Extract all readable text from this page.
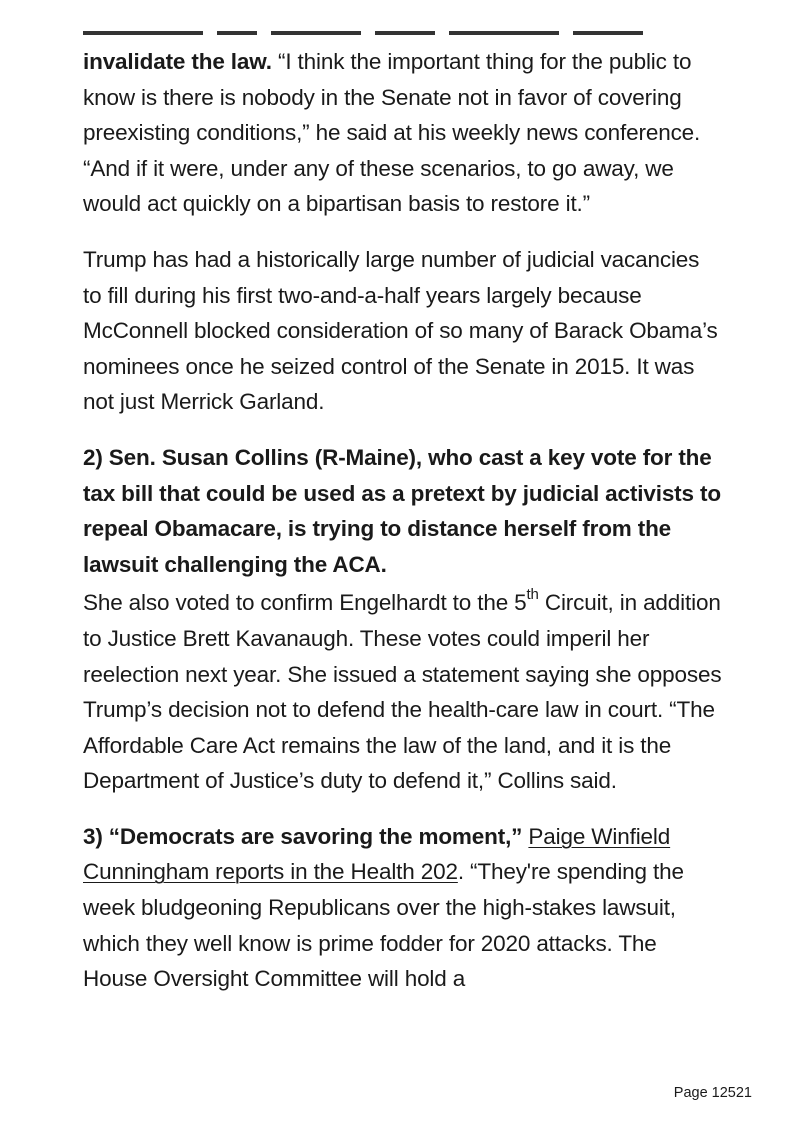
invalidate the law. “I think the important thing for the public to know is there is nobody in the Senate not in favor of covering preexisting conditions,” he said at his weekly news conference. “And if it were, under any of these scenarios, to go away, we would act quickly on a bipartisan basis to restore it.”

Trump has had a historically large number of judicial vacancies to fill during his first two-and-a-half years largely because McConnell blocked consideration of so many of Barack Obama’s nominees once he seized control of the Senate in 2015. It was not just Merrick Garland.

2) Sen. Susan Collins (R-Maine), who cast a key vote for the tax bill that could be used as a pretext by judicial activists to repeal Obamacare, is trying to distance herself from the lawsuit challenging the ACA.

She also voted to confirm Engelhardt to the 5th Circuit, in addition to Justice Brett Kavanaugh. These votes could imperil her reelection next year. She issued a statement saying she opposes Trump’s decision not to defend the health-care law in court. “The Affordable Care Act remains the law of the land, and it is the Department of Justice’s duty to defend it,” Collins said.

3) “Democrats are savoring the moment,” Paige Winfield Cunningham reports in the Health 202. “They're spending the week bludgeoning Republicans over the high-stakes lawsuit, which they well know is prime fodder for 2020 attacks. The House Oversight Committee will hold a

Page 12521
